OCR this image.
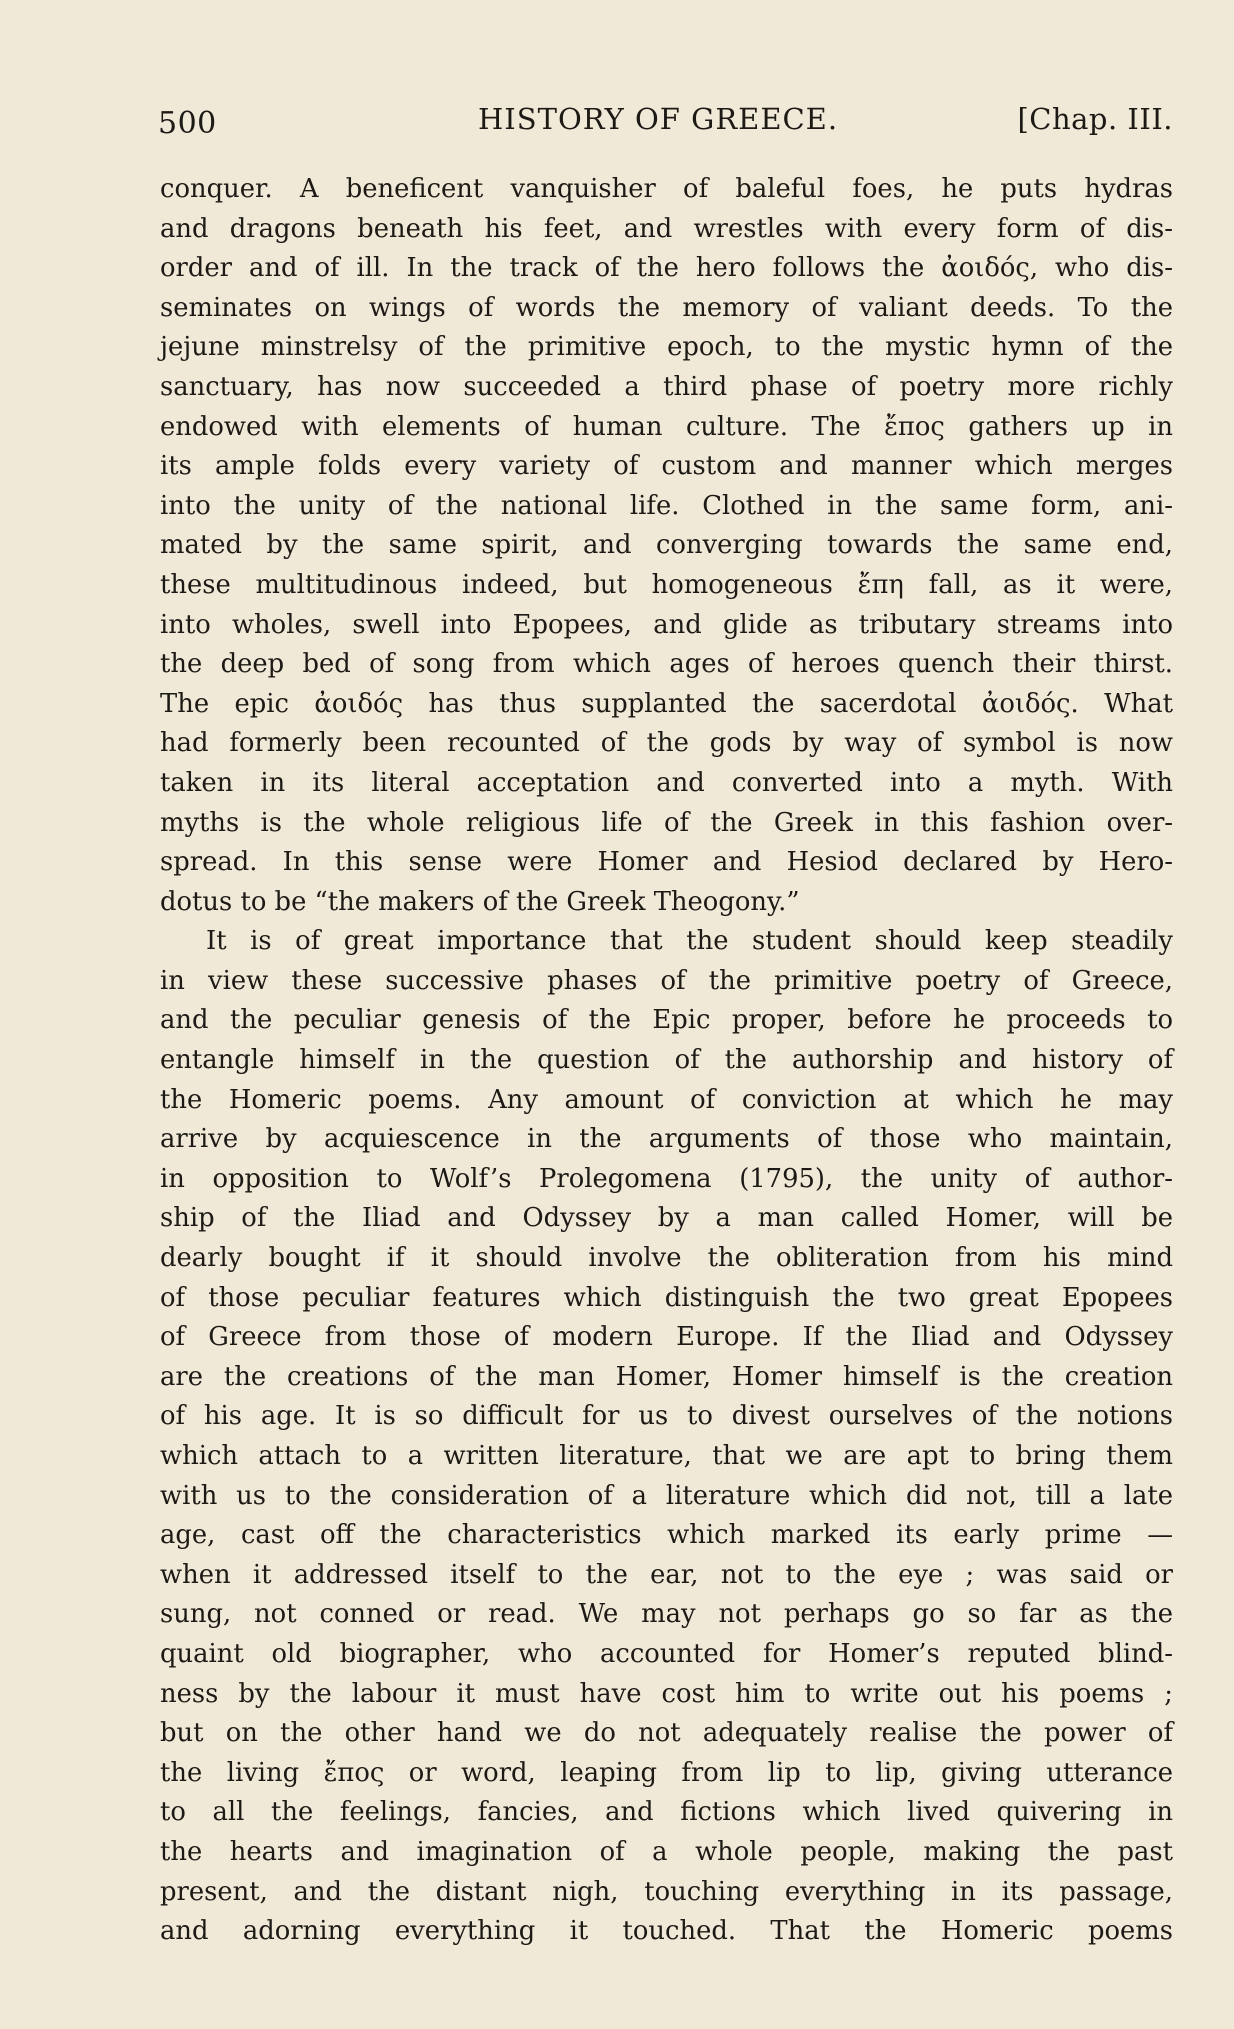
500	HISTORY OF GREECE.	[Chap. III.
conquer. A beneficent vanquisher of baleful foes, he puts hydras
and dragons beneath his feet, and wrestles with every form of dis-
order and of ill. In the track of the hero follows the ἀοιδός, who dis-
seminates on wings of words the memory of valiant deeds. To the
jejune minstrelsy of the primitive epoch, to the mystic hymn of the
sanctuary, has now succeeded a third phase of poetry more richly
endowed with elements of human culture. The ἔπος gathers up in
its ample folds every variety of custom and manner which merges
into the unity of the national life. Clothed in the same form, ani-
mated by the same spirit, and converging towards the same end,
these multitudinous indeed, but homogeneous ἔπη fall, as it were,
into wholes, swell into Epopees, and glide as tributary streams into
the deep bed of song from which ages of heroes quench their thirst.
The epic ἀοιδός has thus supplanted the sacerdotal ἀοιδός. What
had formerly been recounted of the gods by way of symbol is now
taken in its literal acceptation and converted into a myth. With
myths is the whole religious life of the Greek in this fashion over-
spread. In this sense were Homer and Hesiod declared by Hero-
dotus to be “the makers of the Greek Theogony.”
It is of great importance that the student should keep steadily
in view these successive phases of the primitive poetry of Greece,
and the peculiar genesis of the Epic proper, before he proceeds to
entangle himself in the question of the authorship and history of
the Homeric poems. Any amount of conviction at which he may
arrive by acquiescence in the arguments of those who maintain,
in opposition to Wolf’s Prolegomena (1795), the unity of author-
ship of the Iliad and Odyssey by a man called Homer, will be
dearly bought if it should involve the obliteration from his mind
of those peculiar features which distinguish the two great Epopees
of Greece from those of modern Europe. If the Iliad and Odyssey
are the creations of the man Homer, Homer himself is the creation
of his age. It is so difficult for us to divest ourselves of the notions
which attach to a written literature, that we are apt to bring them
with us to the consideration of a literature which did not, till a late
age, cast off the characteristics which marked its early prime —
when it addressed itself to the ear, not to the eye ; was said or
sung, not conned or read. We may not perhaps go so far as the
quaint old biographer, who accounted for Homer’s reputed blind-
ness by the labour it must have cost him to write out his poems ;
but on the other hand we do not adequately realise the power of
the living ἔπος or word, leaping from lip to lip, giving utterance
to all the feelings, fancies, and fictions which lived quivering in
the hearts and imagination of a whole people, making the past
present, and the distant nigh, touching everything in its passage,
and adorning everything it touched. That the Homeric poems
